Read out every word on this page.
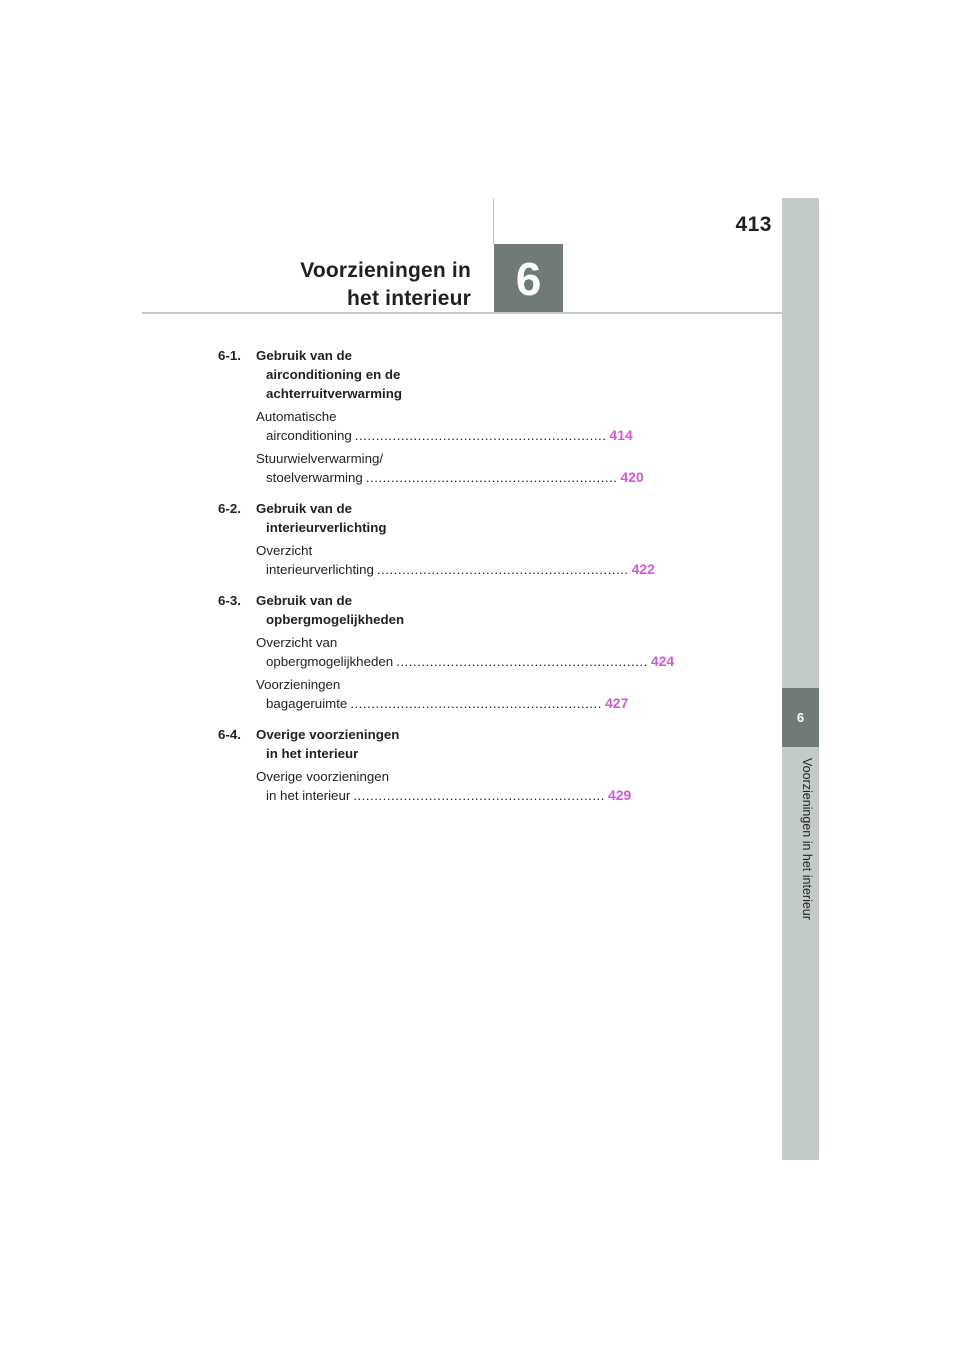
413
Voorzieningen in
het interieur 6
6
Voorzieningen in het interieur
6-1. Gebruik van de
airconditioning en de
achterruitverwarming
Automatische
airconditioning ............................................................ 414
Stuurwielverwarming/
stoelverwarming ............................................................ 420
6-2. Gebruik van de
interieurverlichting
Overzicht
interieurverlichting ............................................................ 422
6-3. Gebruik van de
opbergmogelijkheden
Overzicht van
opbergmogelijkheden ............................................................ 424
Voorzieningen
bagageruimte ............................................................ 427
6-4. Overige voorzieningen
in het interieur
Overige voorzieningen
in het interieur ............................................................ 429
